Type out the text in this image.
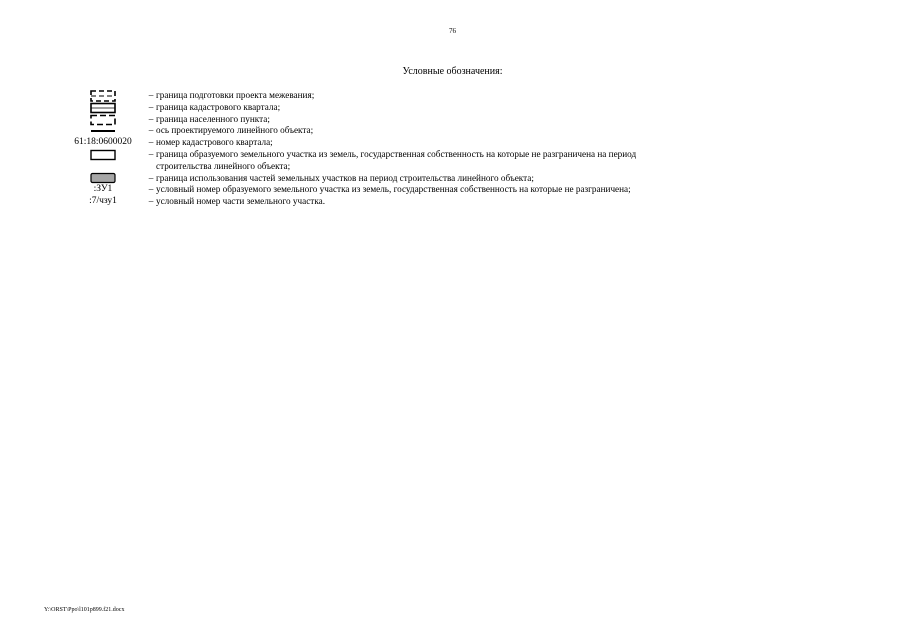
76
Условные обозначения:
– граница подготовки проекта межевания;
– граница кадастрового квартала;
– граница населенного пункта;
– ось проектируемого линейного объекта;
61:18:0600020	– номер кадастрового квартала;
– граница образуемого земельного участка из земель, государственная собственность на которые не разграничена на период
строительства линейного объекта;
– граница использования частей земельных участков на период строительства линейного объекта;
:ЗУ1	– условный номер образуемого земельного участка из земель, государственная собственность на которые не разграничена;
:7/чзу1	– условный номер части земельного участка.
Y:\ORST\Ppo\l101p899.f21.docx
